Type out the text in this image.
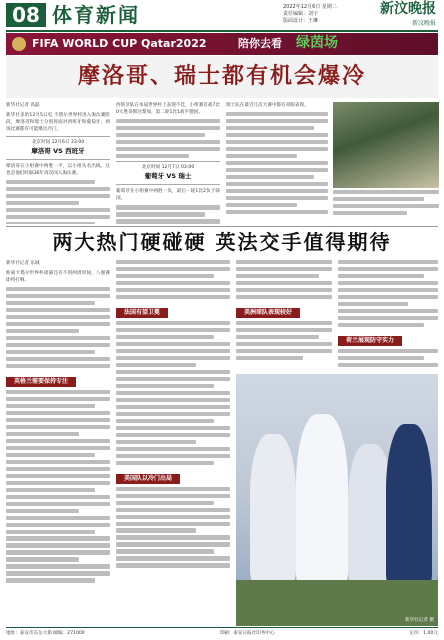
08 体育新闻	2022年12月6日 星期二
责任编辑：刘宇
版面设计：王琳
新汶晚报
新汶晚报
FIFA WORLD CUP Qatar2022	陪你去看 绿茵场
摩洛哥、瑞士都有机会爆冷
新华社记者 高磊
新华社多哈12月5日电 卡塔尔世界杯进入淘汰赛阶段，摩洛哥和瑞士分别将面对西班牙和葡萄牙，两场比赛都有可能爆出冷门。
北京时间 12月6日 23:00
摩洛哥 VS 西班牙
摩洛哥在小组赛中两胜一平，以小组头名出线，这也是他们时隔36年再次闯入淘汰赛。
西班牙队在本届世界杯上表现不佳，小组赛首战7比0大胜哥斯达黎加，第二轮1比1战平德国。
北京时间 12月7日 03:00
葡萄牙 VS 瑞士
葡萄牙在小组赛中两胜一负，最后一轮1比2负于韩国。
瑞士队在最近几次大赛中都有亮眼表现。
两大热门硬碰硬 英法交手值得期待
新华社记者 乐城
距离卡塔尔世界杯闭幕还有不到两周时间，八强赛即将打响。
英格兰需要保持专注
法国有望卫冕
美国队以冷门出局
美洲球队表现较好
荷兰展现防守实力
新华社记者 摄
地址：泰安市东岳大街 邮编：271000	印刷：泰安日报社印务中心	定价：1.00元
